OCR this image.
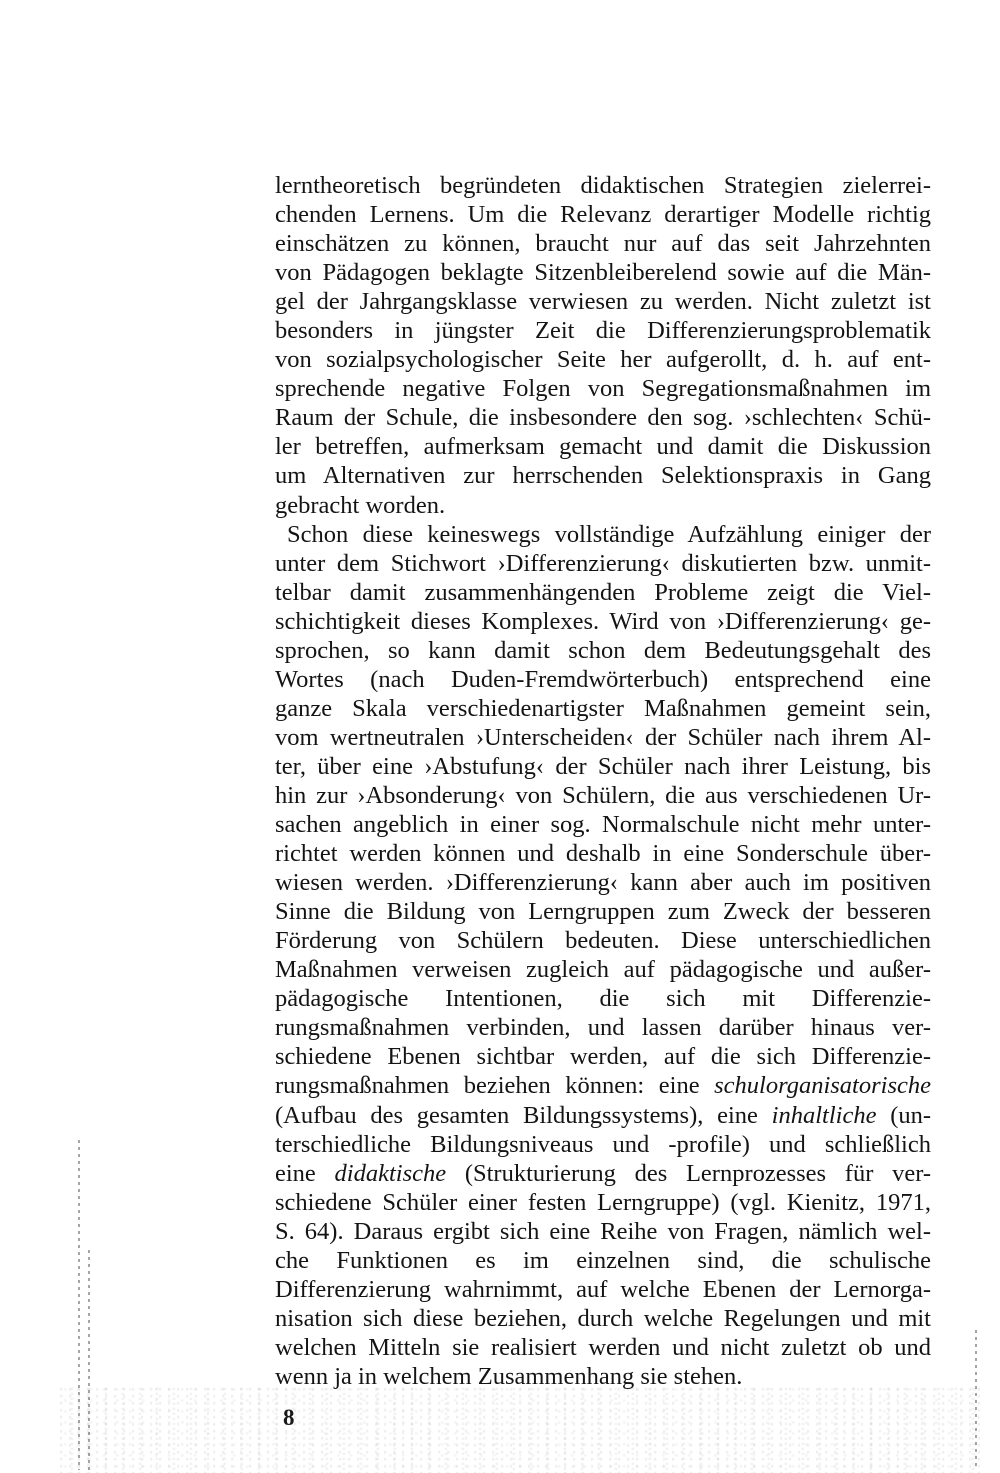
lerntheoretisch begründeten didaktischen Strategien zielerrei-
chenden Lernens. Um die Relevanz derartiger Modelle richtig
einschätzen zu können, braucht nur auf das seit Jahrzehnten
von Pädagogen beklagte Sitzenbleiberelend sowie auf die Män-
gel der Jahrgangsklasse verwiesen zu werden. Nicht zuletzt ist
besonders in jüngster Zeit die Differenzierungsproblematik
von sozialpsychologischer Seite her aufgerollt, d. h. auf ent-
sprechende negative Folgen von Segregationsmaßnahmen im
Raum der Schule, die insbesondere den sog. ›schlechten‹ Schü-
ler betreffen, aufmerksam gemacht und damit die Diskussion
um Alternativen zur herrschenden Selektionspraxis in Gang
gebracht worden.
Schon diese keineswegs vollständige Aufzählung einiger der
unter dem Stichwort ›Differenzierung‹ diskutierten bzw. unmit-
telbar damit zusammenhängenden Probleme zeigt die Viel-
schichtigkeit dieses Komplexes. Wird von ›Differenzierung‹ ge-
sprochen, so kann damit schon dem Bedeutungsgehalt des
Wortes (nach Duden-Fremdwörterbuch) entsprechend eine
ganze Skala verschiedenartigster Maßnahmen gemeint sein,
vom wertneutralen ›Unterscheiden‹ der Schüler nach ihrem Al-
ter, über eine ›Abstufung‹ der Schüler nach ihrer Leistung, bis
hin zur ›Absonderung‹ von Schülern, die aus verschiedenen Ur-
sachen angeblich in einer sog. Normalschule nicht mehr unter-
richtet werden können und deshalb in eine Sonderschule über-
wiesen werden. ›Differenzierung‹ kann aber auch im positiven
Sinne die Bildung von Lerngruppen zum Zweck der besseren
Förderung von Schülern bedeuten. Diese unterschiedlichen
Maßnahmen verweisen zugleich auf pädagogische und außer-
pädagogische Intentionen, die sich mit Differenzie-
rungsmaßnahmen verbinden, und lassen darüber hinaus ver-
schiedene Ebenen sichtbar werden, auf die sich Differenzie-
rungsmaßnahmen beziehen können: eine schulorganisatorische
(Aufbau des gesamten Bildungssystems), eine inhaltliche (un-
terschiedliche Bildungsniveaus und -profile) und schließlich
eine didaktische (Strukturierung des Lernprozesses für ver-
schiedene Schüler einer festen Lerngruppe) (vgl. Kienitz, 1971,
S. 64). Daraus ergibt sich eine Reihe von Fragen, nämlich wel-
che Funktionen es im einzelnen sind, die schulische
Differenzierung wahrnimmt, auf welche Ebenen der Lernorga-
nisation sich diese beziehen, durch welche Regelungen und mit
welchen Mitteln sie realisiert werden und nicht zuletzt ob und
wenn ja in welchem Zusammenhang sie stehen.
8
